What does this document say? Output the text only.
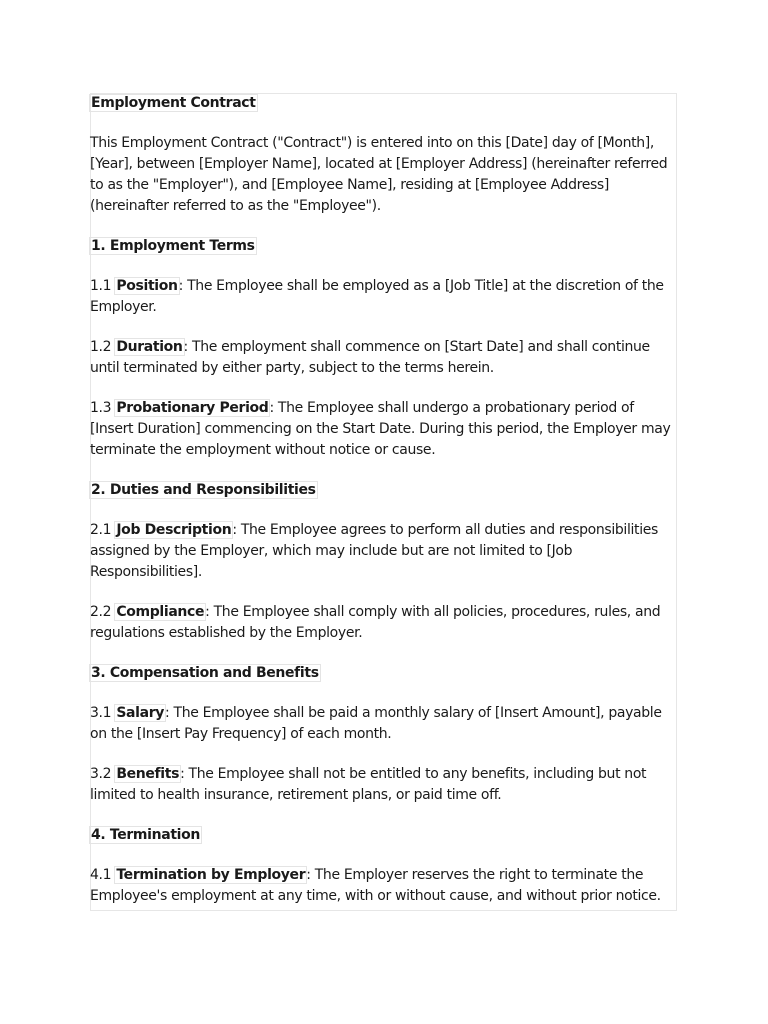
Employment Contract

This Employment Contract ("Contract") is entered into on this [Date] day of [Month], [Year], between [Employer Name], located at [Employer Address] (hereinafter referred to as the "Employer"), and [Employee Name], residing at [Employee Address] (hereinafter referred to as the "Employee").

1. Employment Terms

1.1 Position: The Employee shall be employed as a [Job Title] at the discretion of the Employer.

1.2 Duration: The employment shall commence on [Start Date] and shall continue until terminated by either party, subject to the terms herein.

1.3 Probationary Period: The Employee shall undergo a probationary period of [Insert Duration] commencing on the Start Date. During this period, the Employer may terminate the employment without notice or cause.

2. Duties and Responsibilities

2.1 Job Description: The Employee agrees to perform all duties and responsibilities assigned by the Employer, which may include but are not limited to [Job Responsibilities].

2.2 Compliance: The Employee shall comply with all policies, procedures, rules, and regulations established by the Employer.

3. Compensation and Benefits

3.1 Salary: The Employee shall be paid a monthly salary of [Insert Amount], payable on the [Insert Pay Frequency] of each month.

3.2 Benefits: The Employee shall not be entitled to any benefits, including but not limited to health insurance, retirement plans, or paid time off.

4. Termination

4.1 Termination by Employer: The Employer reserves the right to terminate the Employee's employment at any time, with or without cause, and without prior notice.
